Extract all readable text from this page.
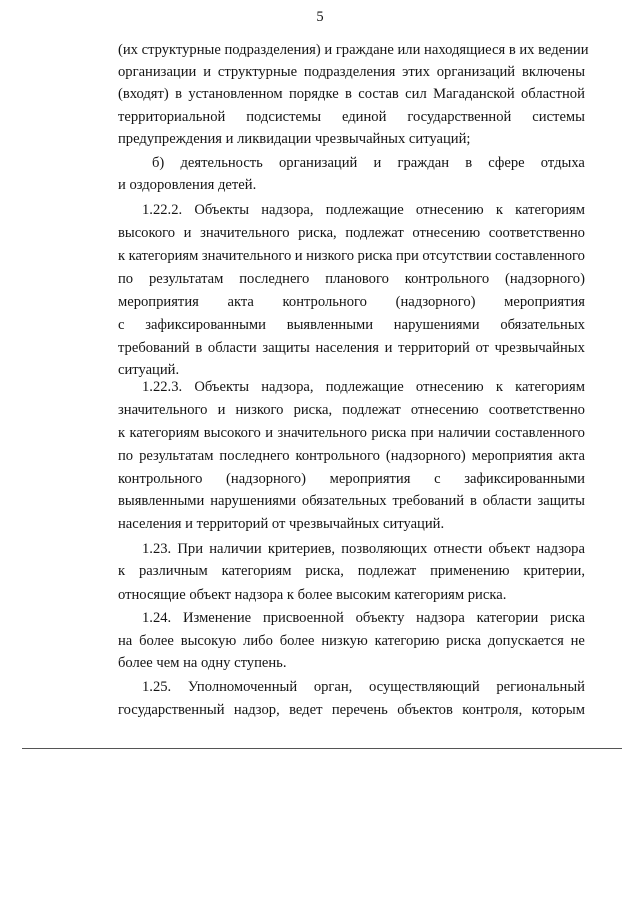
5
(их структурные подразделения) и граждане или находящиеся в их ведении
организации и структурные подразделения этих организаций включены
(входят) в установленном порядке в состав сил Магаданской областной
территориальной подсистемы единой государственной системы
предупреждения и ликвидации чрезвычайных ситуаций;
б) деятельность организаций и граждан в сфере отдыха
и оздоровления детей.
1.22.2. Объекты надзора, подлежащие отнесению к категориям
высокого и значительного риска, подлежат отнесению соответственно
к категориям значительного и низкого риска при отсутствии составленного
по результатам последнего планового контрольного (надзорного)
мероприятия акта контрольного (надзорного) мероприятия
с зафиксированными выявленными нарушениями обязательных
требований в области защиты населения и территорий от чрезвычайных
ситуаций.
1.22.3. Объекты надзора, подлежащие отнесению к категориям
значительного и низкого риска, подлежат отнесению соответственно
к категориям высокого и значительного риска при наличии составленного
по результатам последнего контрольного (надзорного) мероприятия акта
контрольного (надзорного) мероприятия с зафиксированными
выявленными нарушениями обязательных требований в области защиты
населения и территорий от чрезвычайных ситуаций.
1.23. При наличии критериев, позволяющих отнести объект надзора
к различным категориям риска, подлежат применению критерии,
относящие объект надзора к более высоким категориям риска.
1.24. Изменение присвоенной объекту надзора категории риска
на более высокую либо более низкую категорию риска допускается не
более чем на одну ступень.
1.25. Уполномоченный орган, осуществляющий региональный
государственный надзор, ведет перечень объектов контроля, которым
